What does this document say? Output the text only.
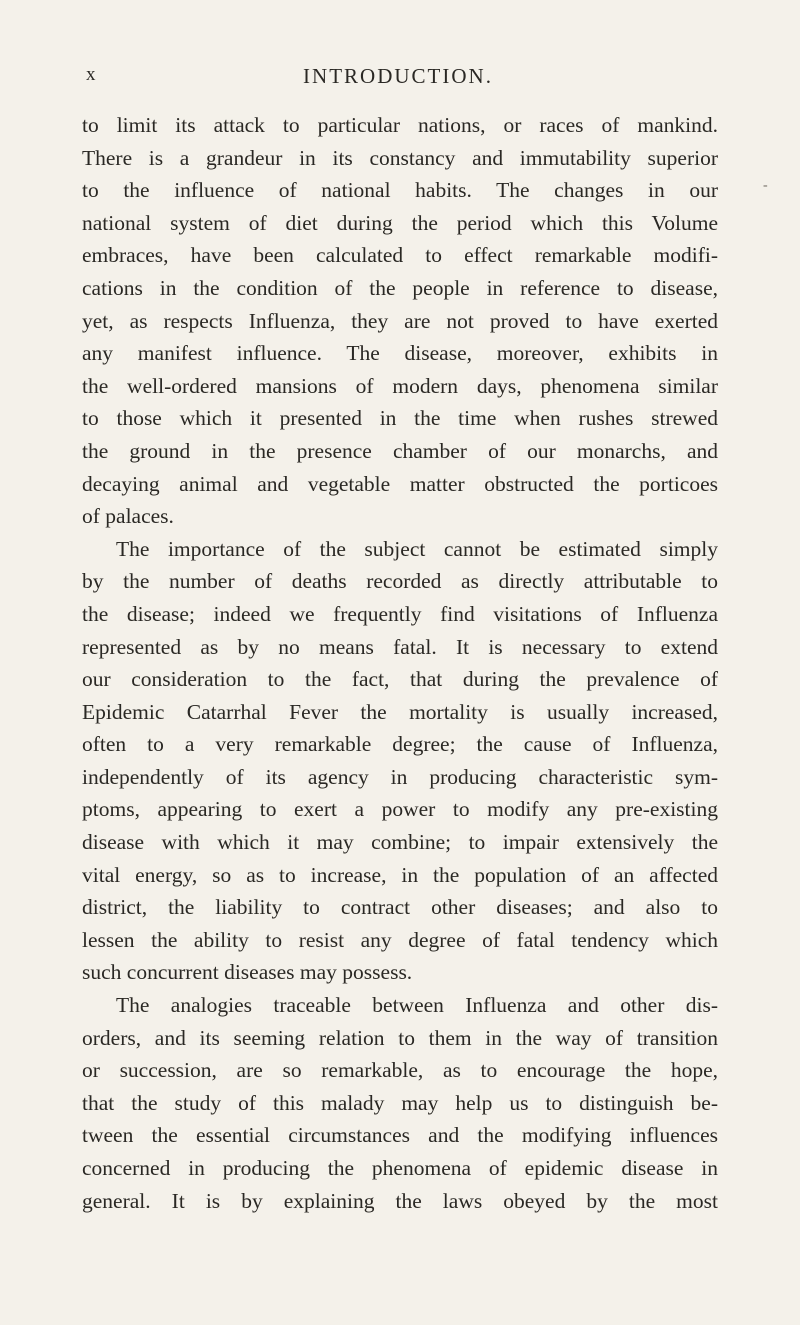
x	INTRODUCTION.
-
to limit its attack to particular nations, or races of mankind.
There is a grandeur in its constancy and immutability superior
to the influence of national habits. The changes in our
national system of diet during the period which this Volume
embraces, have been calculated to effect remarkable modifi-
cations in the condition of the people in reference to disease,
yet, as respects Influenza, they are not proved to have exerted
any manifest influence. The disease, moreover, exhibits in
the well-ordered mansions of modern days, phenomena similar
to those which it presented in the time when rushes strewed
the ground in the presence chamber of our monarchs, and
decaying animal and vegetable matter obstructed the porticoes
of palaces.
The importance of the subject cannot be estimated simply
by the number of deaths recorded as directly attributable to
the disease; indeed we frequently find visitations of Influenza
represented as by no means fatal. It is necessary to extend
our consideration to the fact, that during the prevalence of
Epidemic Catarrhal Fever the mortality is usually increased,
often to a very remarkable degree; the cause of Influenza,
independently of its agency in producing characteristic sym-
ptoms, appearing to exert a power to modify any pre-existing
disease with which it may combine; to impair extensively the
vital energy, so as to increase, in the population of an affected
district, the liability to contract other diseases; and also to
lessen the ability to resist any degree of fatal tendency which
such concurrent diseases may possess.
The analogies traceable between Influenza and other dis-
orders, and its seeming relation to them in the way of transition
or succession, are so remarkable, as to encourage the hope,
that the study of this malady may help us to distinguish be-
tween the essential circumstances and the modifying influences
concerned in producing the phenomena of epidemic disease in
general. It is by explaining the laws obeyed by the most
